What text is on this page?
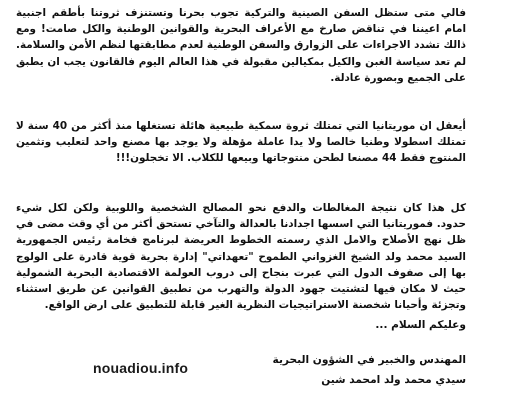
فالي متى ستظل السفن الصينية والتركية تجوب بحرنا وتستنزف ثروتنا بأطقم اجنبية امام اعيننا في تناقض صارخ مع الأعراف البحرية والقوانين الوطنية والكل صامت! ومع ذالك تشدد الاجراءات على الزوارق والسفن الوطنية لعدم مطابقتها لنظم الأمن والسلامة. لم تعد سياسة الغبن والكيل بمكيالين مقبولة في هذا العالم اليوم فالقانون يجب ان يطبق على الجميع وبصورة عادلة.

أيعقل ان موريتانيا التي تمتلك ثروة سمكية طبيعية هائلة تستغلها منذ أكثر من 40 سنة لا تمتلك اسطولا وطنيا خالصا ولا يدا عاملة مؤهلة ولا يوجد بها مصنع واحد لتعليب وتثمين المنتوج فقط 44 مصنعا لطحن منتوجاتها وبيعها للكلاب. الا تخجلون!!!

كل هذا كان نتيجة المغالطات والدفع نحو المصالح الشخصية واللوبية ولكن لكل شيء حدود. فموريتانيا التي اسسها اجدادنا بالعدالة والتآخي تستحق أكثر من أي وقت مضى في ظل نهج الأصلاح والامل الذي رسمته الخطوط العريضة لبرنامج فخامة رئيس الجمهورية السيد محمد ولد الشيخ الغزواني الطموح "تعهداتي" إدارة بحرية قوية قادرة على الولوج بها إلى صفوف الدول التي عبرت بنجاح إلى دروب العولمة الاقتصادية البحرية الشمولية حيث لا مكان فيها لتشتيت جهود الدولة والتهرب من تطبيق القوانين عن طريق استثناء وتجزئة وأحيانا شخصنة الاستراتيجيات النظرية الغير قابلة للتطبيق على ارض الواقع.

وعليكم السلام ...

المهندس والخبير في الشؤون البحرية

سيدي محمد ولد امحمد شين

nouadiou.info
